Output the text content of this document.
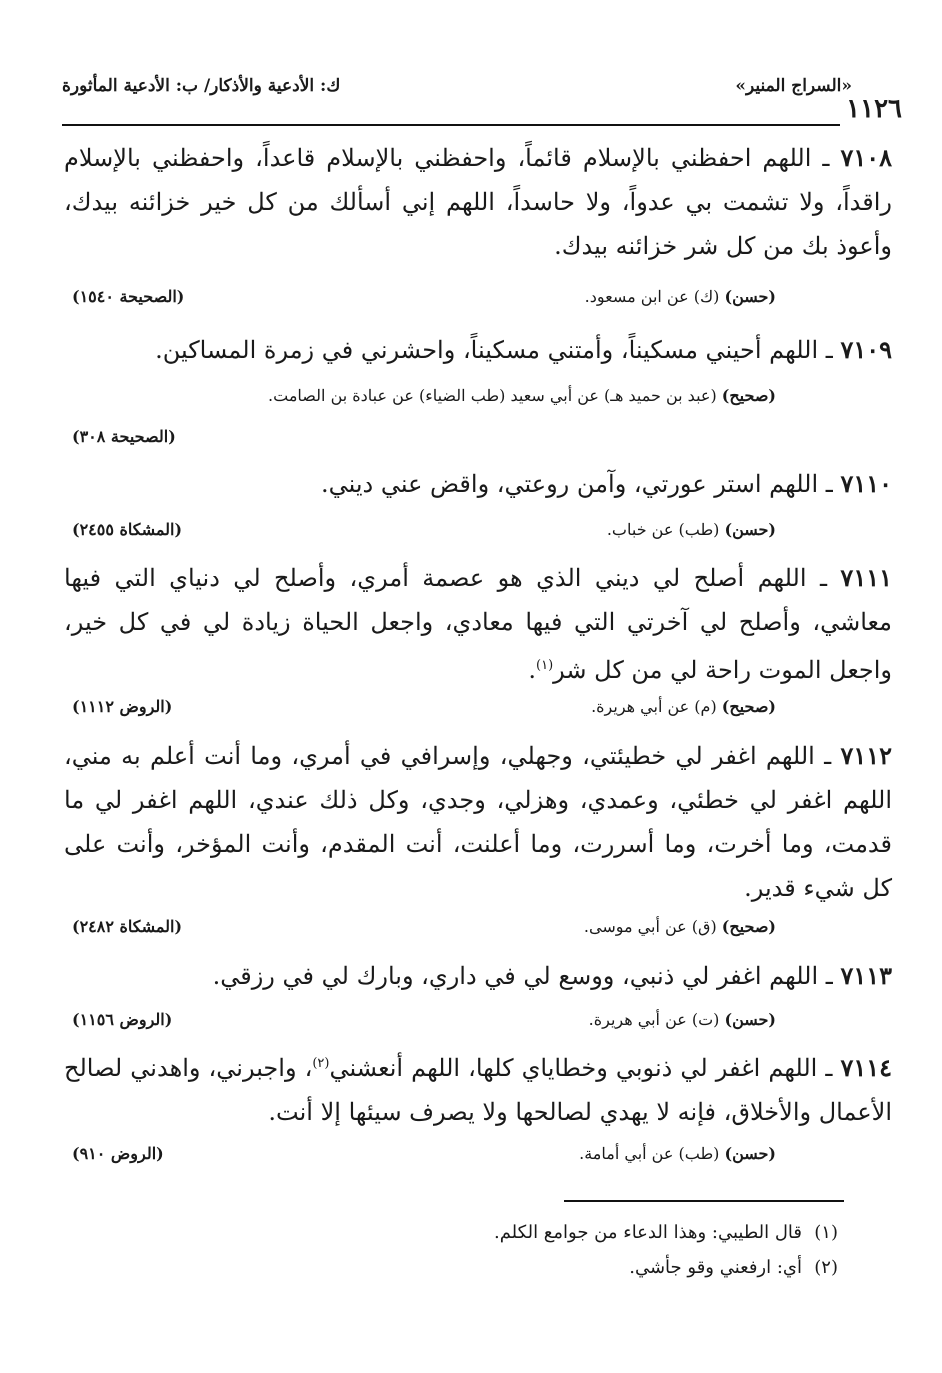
١١٢٦
«السراج المنير»
ك: الأدعية والأذكار/ ب: الأدعية المأثورة

٧١٠٨ ـ اللهم احفظني بالإسلام قائماً، واحفظني بالإسلام قاعداً، واحفظني بالإسلام راقداً، ولا تشمت بي عدواً، ولا حاسداً، اللهم إني أسألك من كل خير خزائنه بيدك، وأعوذ بك من كل شر خزائنه بيدك.

(حسن) (ك) عن ابن مسعود.
(الصحيحة ١٥٤٠)

٧١٠٩ ـ اللهم أحيني مسكيناً، وأمتني مسكيناً، واحشرني في زمرة المساكين.

(صحيح) (عبد بن حميد هـ) عن أبي سعيد (طب الضياء) عن عبادة بن الصامت.
(الصحيحة ٣٠٨)

٧١١٠ ـ اللهم استر عورتي، وآمن روعتي، واقض عني ديني.

(حسن) (طب) عن خباب.
(المشكاة ٢٤٥٥)

٧١١١ ـ اللهم أصلح لي ديني الذي هو عصمة أمري، وأصلح لي دنياي التي فيها معاشي، وأصلح لي آخرتي التي فيها معادي، واجعل الحياة زيادة لي في كل خير، واجعل الموت راحة لي من كل شر$^{(١)}$.

(صحيح) (م) عن أبي هريرة.
(الروض ١١١٢)

٧١١٢ ـ اللهم اغفر لي خطيئتي، وجهلي، وإسرافي في أمري، وما أنت أعلم به مني، اللهم اغفر لي خطئي، وعمدي، وهزلي، وجدي، وكل ذلك عندي، اللهم اغفر لي ما قدمت، وما أخرت، وما أسررت، وما أعلنت، أنت المقدم، وأنت المؤخر، وأنت على كل شيء قدير.

(صحيح) (ق) عن أبي موسى.
(المشكاة ٢٤٨٢)

٧١١٣ ـ اللهم اغفر لي ذنبي، ووسع لي في داري، وبارك لي في رزقي.

(حسن) (ت) عن أبي هريرة.
(الروض ١١٥٦)

٧١١٤ ـ اللهم اغفر لي ذنوبي وخطاياي كلها، اللهم أنعشني$^{(٢)}$، واجبرني، واهدني لصالح الأعمال والأخلاق، فإنه لا يهدي لصالحها ولا يصرف سيئها إلا أنت.

(حسن) (طب) عن أبي أمامة.
(الروض ٩١٠)
(١)قال الطيبي: وهذا الدعاء من جوامع الكلم.
(٢)أي: ارفعني وقو جأشي.
